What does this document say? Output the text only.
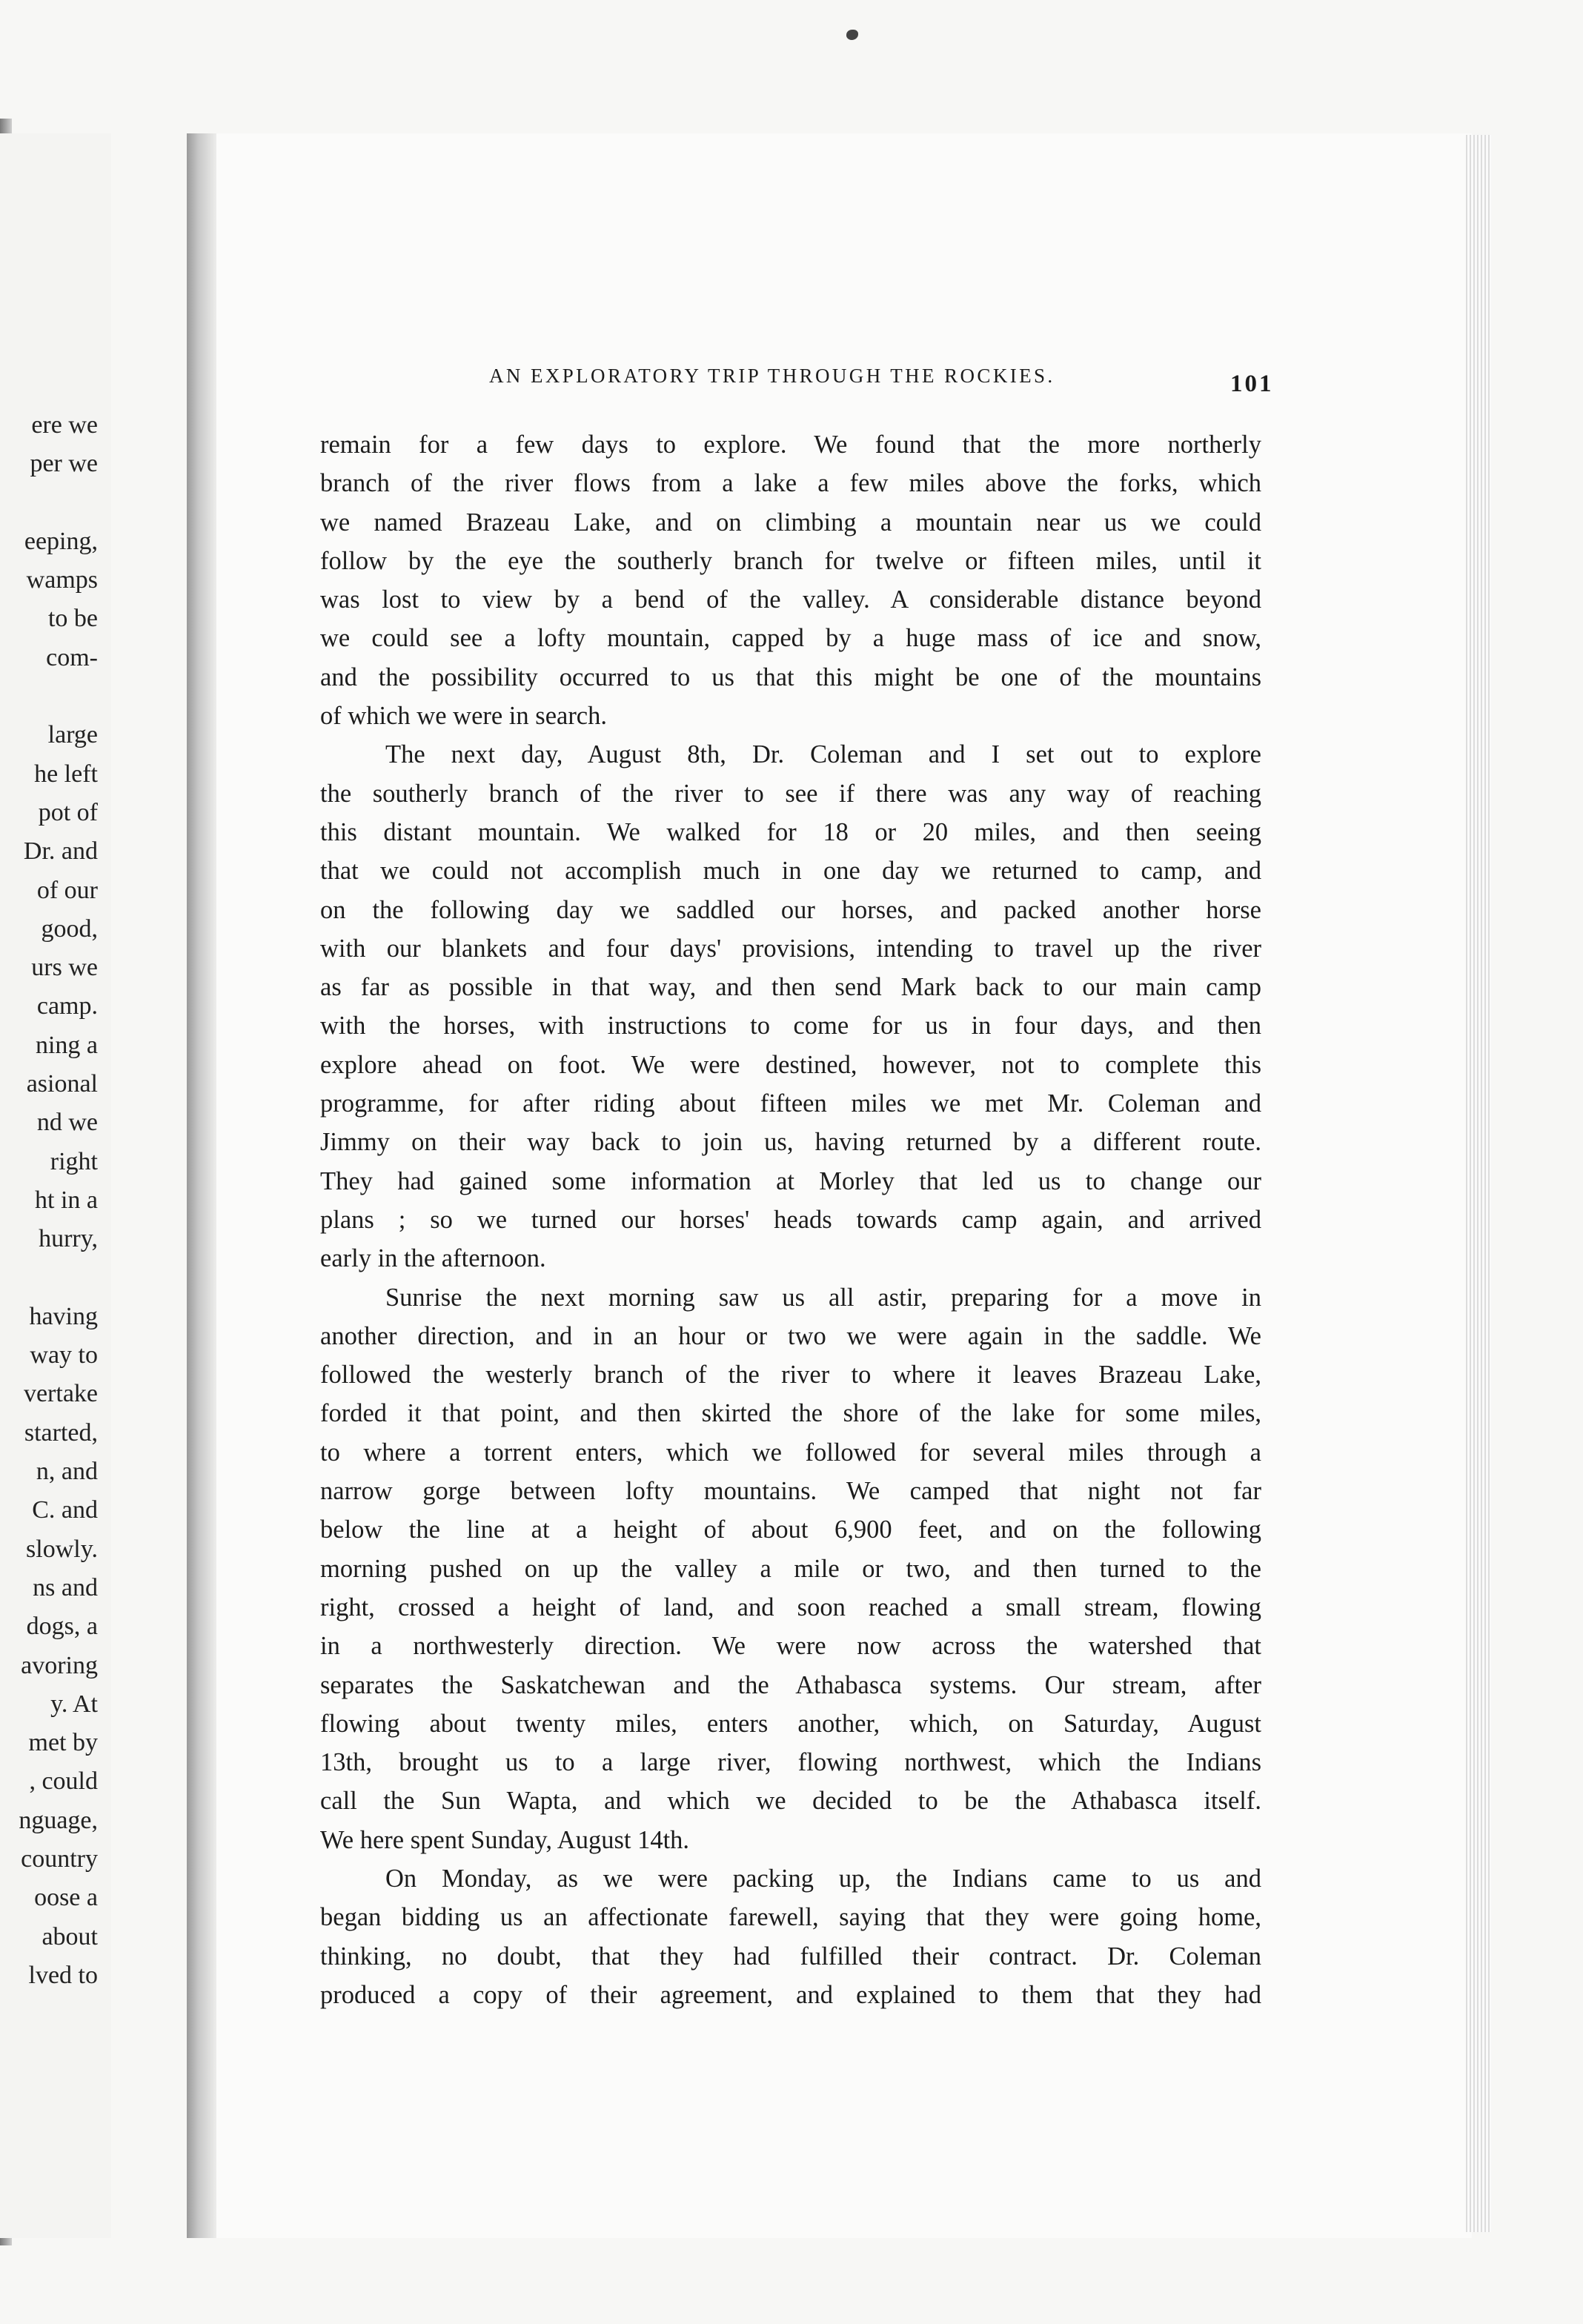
ere we
per we
eeping,
wamps
to be
com-
large
he left
pot of
Dr. and
of our
good,
urs we
camp.
ning a
asional
nd we
right
ht in a
hurry,
having
way to
vertake
started,
n, and
C. and
slowly.
ns and
dogs, a
avoring
y. At
met by
, could
nguage,
country
oose a
about
lved to
AN EXPLORATORY TRIP THROUGH THE ROCKIES.	101
remain for a few days to explore. We found that the more northerly
branch of the river flows from a lake a few miles above the forks, which
we named Brazeau Lake, and on climbing a mountain near us we could
follow by the eye the southerly branch for twelve or fifteen miles, until it
was lost to view by a bend of the valley. A considerable distance beyond
we could see a lofty mountain, capped by a huge mass of ice and snow,
and the possibility occurred to us that this might be one of the mountains
of which we were in search.
The next day, August 8th, Dr. Coleman and I set out to explore
the southerly branch of the river to see if there was any way of reaching
this distant mountain. We walked for 18 or 20 miles, and then seeing
that we could not accomplish much in one day we returned to camp, and
on the following day we saddled our horses, and packed another horse
with our blankets and four days' provisions, intending to travel up the river
as far as possible in that way, and then send Mark back to our main camp
with the horses, with instructions to come for us in four days, and then
explore ahead on foot. We were destined, however, not to complete this
programme, for after riding about fifteen miles we met Mr. Coleman and
Jimmy on their way back to join us, having returned by a different route.
They had gained some information at Morley that led us to change our
plans ; so we turned our horses' heads towards camp again, and arrived
early in the afternoon.
Sunrise the next morning saw us all astir, preparing for a move in
another direction, and in an hour or two we were again in the saddle. We
followed the westerly branch of the river to where it leaves Brazeau Lake,
forded it that point, and then skirted the shore of the lake for some miles,
to where a torrent enters, which we followed for several miles through a
narrow gorge between lofty mountains. We camped that night not far
below the line at a height of about 6,900 feet, and on the following
morning pushed on up the valley a mile or two, and then turned to the
right, crossed a height of land, and soon reached a small stream, flowing
in a northwesterly direction. We were now across the watershed that
separates the Saskatchewan and the Athabasca systems. Our stream, after
flowing about twenty miles, enters another, which, on Saturday, August
13th, brought us to a large river, flowing northwest, which the Indians
call the Sun Wapta, and which we decided to be the Athabasca itself.
We here spent Sunday, August 14th.
On Monday, as we were packing up, the Indians came to us and
began bidding us an affectionate farewell, saying that they were going home,
thinking, no doubt, that they had fulfilled their contract. Dr. Coleman
produced a copy of their agreement, and explained to them that they had
